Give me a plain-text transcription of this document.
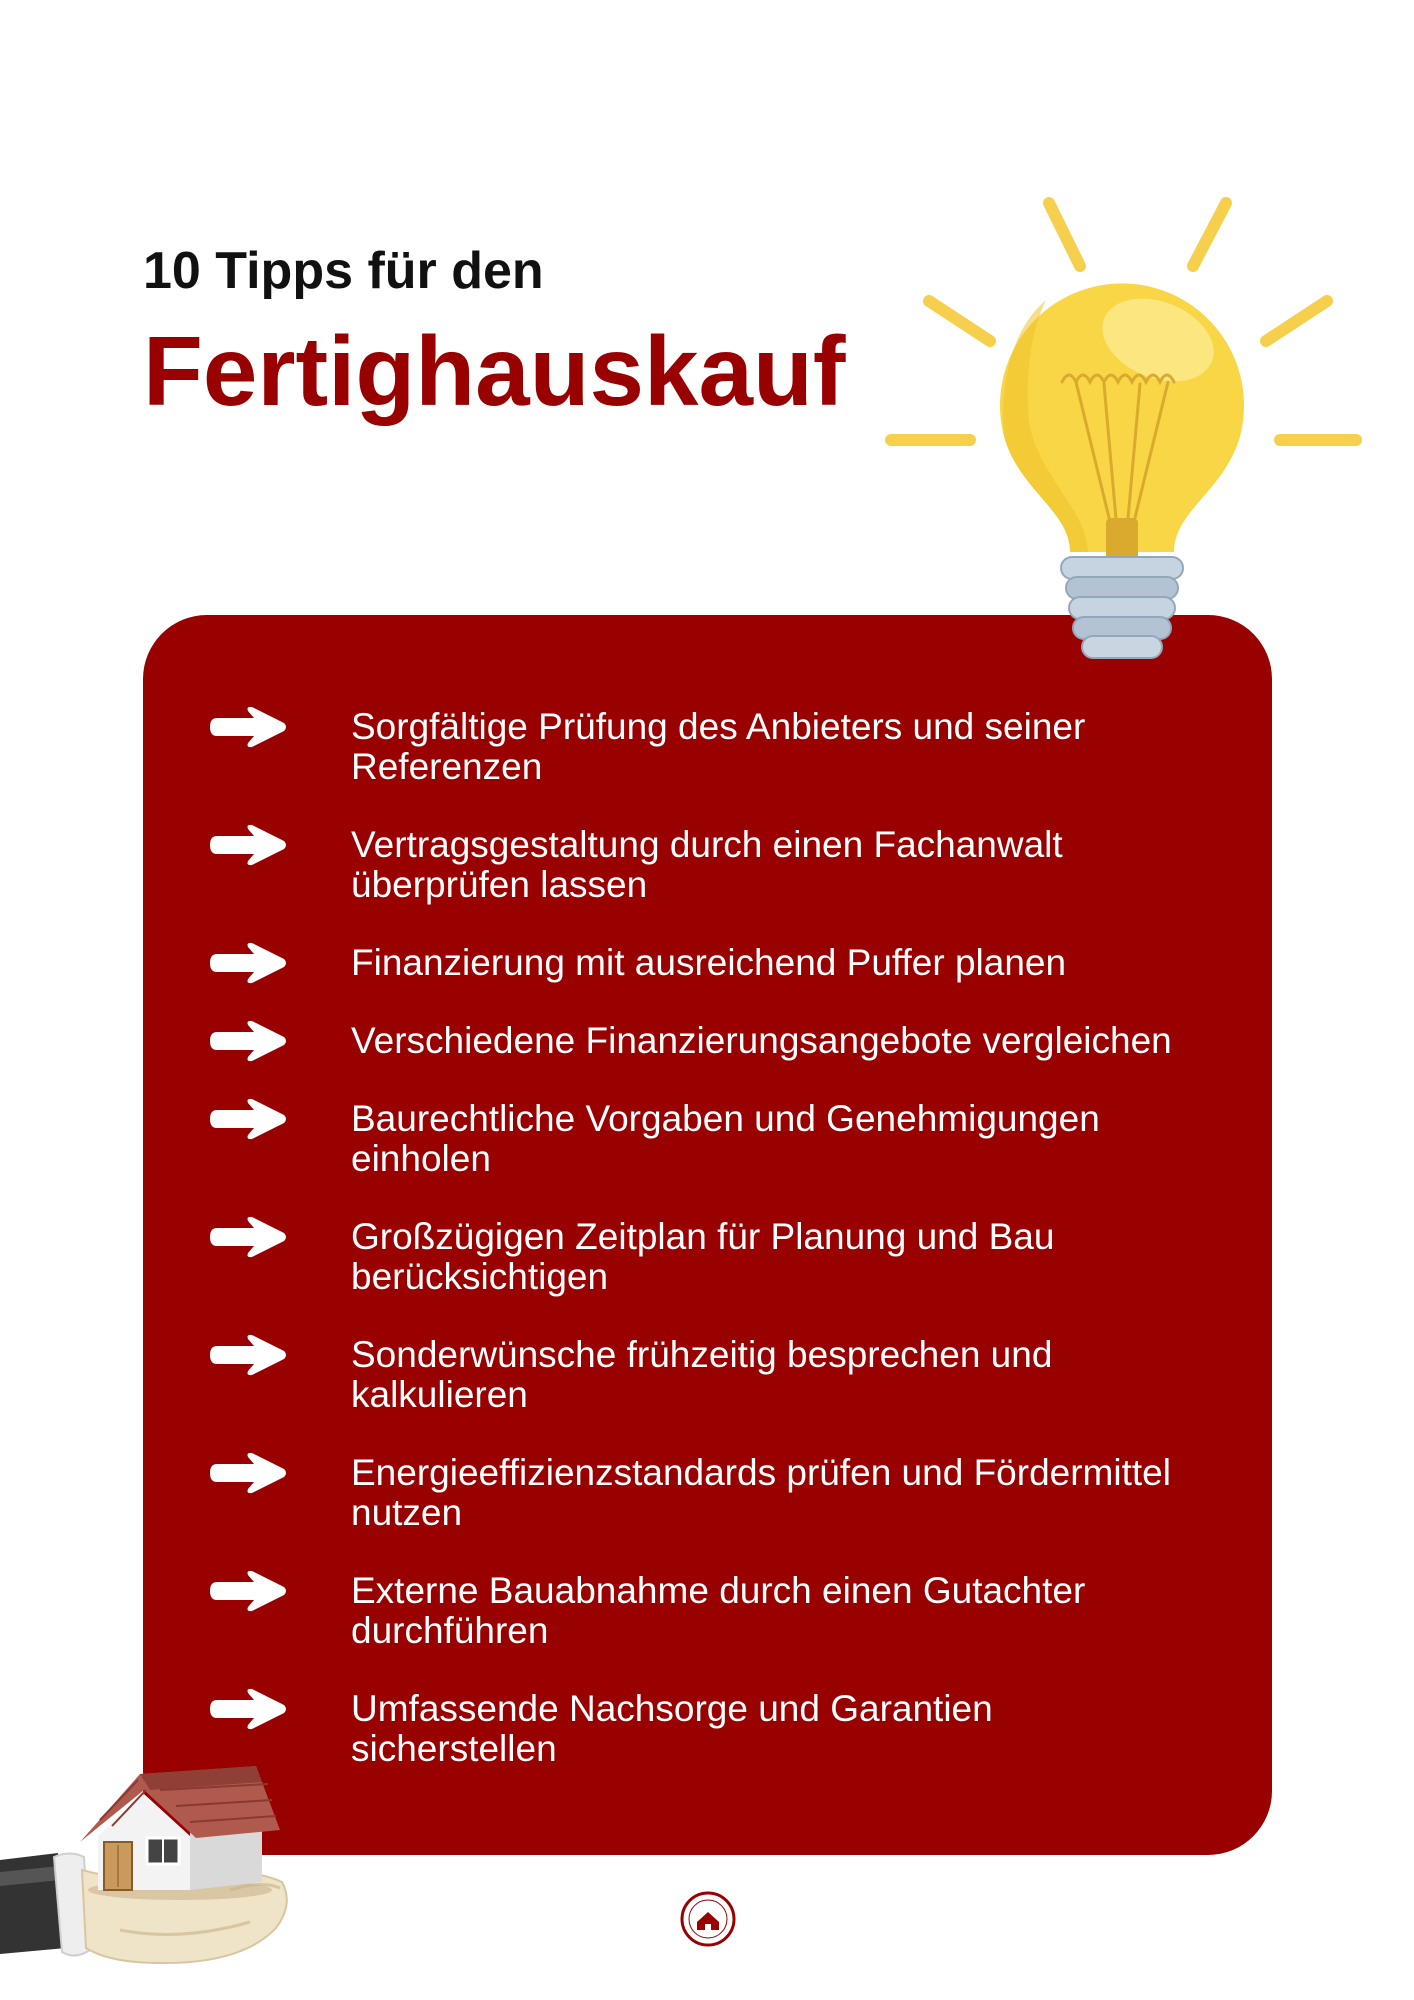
10 Tipps für den
Fertighauskauf
Sorgfältige Prüfung des Anbieters und seiner
Referenzen
Vertragsgestaltung durch einen Fachanwalt
überprüfen lassen
Finanzierung mit ausreichend Puffer planen
Verschiedene Finanzierungsangebote vergleichen
Baurechtliche Vorgaben und Genehmigungen
einholen
Großzügigen Zeitplan für Planung und Bau
berücksichtigen
Sonderwünsche frühzeitig besprechen und
kalkulieren
Energieeffizienzstandards prüfen und Fördermittel
nutzen
Externe Bauabnahme durch einen Gutachter
durchführen
Umfassende Nachsorge und Garantien
sicherstellen
